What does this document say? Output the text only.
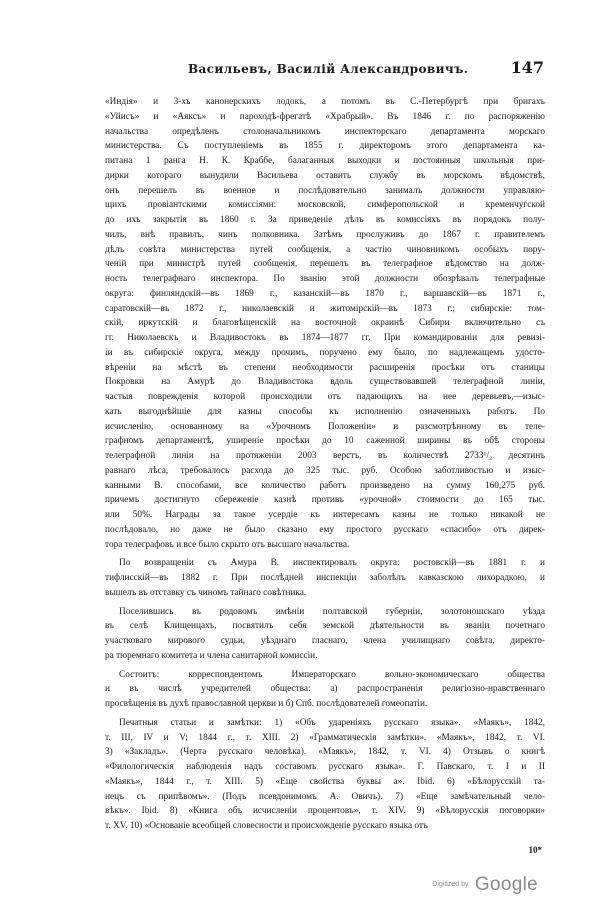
Васильевъ, Василій Александровичъ.	147
«Индія» и 3-хъ канонерскихъ лодокъ, а потомъ въ С.-Петербургѣ при бригахъ
«Уйисъ» и «Аяксъ» и пароходѣ-фрегатѣ «Храбрый». Въ 1846 г. по распоряженію
начальства опредѣленъ столоначальникомъ инспекторскаго департамента морскаго
министерства. Съ поступленіемъ въ 1855 г. директоромъ этого департамента ка-
питана 1 ранга Н. К. Краббе, балаганныя выходки и постоянныя школьныя при-
дирки котораго вынудили Васильева оставить службу въ морскомъ вѣдомствѣ,
онъ перешелъ въ военное и послѣдовательно занималъ должности управляю-
щихъ провіантскими комиссіями: московской, симферопольской и кременчугской
до ихъ закрытія въ 1860 г. За приведеніе дѣлъ въ комиссіяхъ въ порядокъ полу-
чилъ, внѣ правилъ, чинъ полковника. Затѣмъ прослуживъ до 1867 г. правителемъ
дѣлъ совѣта министерства путей сообщенія, а частію чиновникомъ особыхъ пору-
ченій при министрѣ путей сообщенія, перешелъ въ телеграфное вѣдомство на долж-
ность телеграфнаго инспектора. По званію этой должности обозрѣвалъ телеграфные
округа: финляндскій—въ 1869 г., казанскій—въ 1870 г., варшавскій—въ 1871 г.,
саратовскій—въ 1872 г., николаевскій и житомірскій—въ 1873 г.; сибирскіе: том-
скій, иркутскій и благовѣщенскій на восточной окраинѣ Сибири включительно съ
гг. Николаевскъ и Владивостокъ въ 1874—1877 гг. При командированіи для ревизі-
іи въ сибирскіе округа, между прочимъ, поручено ему было, по надлежащемъ удосто-
вѣреніи на мѣстѣ въ степени необходимости расширенія просѣки отъ станицы
Покровки на Амурѣ до Владивостока вдоль существовавшей телеграфной линіи,
частыя поврежденія которой происходили отъ падающихъ на нее деревьевъ,—изыс-
кать выгоднѣйшіе для казны способы къ исполненію означенныхъ работъ. По
исчисленію, основанному на «Урочномъ Положеніи» и разсмотрѣнному въ теле-
графномъ департаментѣ, уширеніе просѣки до 10 саженной ширины въ обѣ стороны
телеграфной линіи на протяженіи 2003 верстъ, въ количествѣ 2733¹/₂ десятинъ
равнаго лѣса, требовалось расхода до 325 тыс. руб. Особою заботливостью и изыс-
канными В. способами, все количество работъ произведено на сумму 160,275 руб.
причемъ достигнуто сбереженіе казнѣ противъ «урочной» стоимости до 165 тыс.
или 50%. Награды за такое усердіе къ интересамъ казны не только никакой не
послѣдовало, но даже не было сказано ему простого русскаго «спасибо» отъ дирек-
тора телеграфовъ и все было скрыто отъ высшаго начальства.
По возвращеніи съ Амура В. инспектировалъ округа: ростовскій—въ 1881 г. и
тифлисскій—въ 1882 г. При послѣдней инспекціи заболѣлъ кавказскою лихорадкою, и
вышелъ въ отставку съ чиномъ тайнаго совѣтника.
Поселившись въ родовомъ имѣніи полтавской губерніи, золотоношскаго уѣзда
въ селѣ Клищенцахъ, посвятилъ себя земской дѣятельности въ званіи почетнаго
участковаго мирового судьи, уѣзднаго гласнаго, члена училищнаго совѣта, директо-
ра тюремнаго комитета и члена санитарной комиссіи.
Состоитъ: корреспондентомъ Императорскаго вольно-экономическаго общества
и въ числѣ учредителей общества: а) распространенія религіозно-нравственнаго
просвѣщенія въ духѣ православной церкви и б) Спб. послѣдователей гомеопатіи.
Печатныя статьи и замѣтки: 1) «Объ удареніяхъ русскаго языка». «Маякъ», 1842,
т. III, IV и V; 1844 г., т. XIII. 2) «Грамматическія замѣтки». «Маякъ», 1842, т. VI.
3) «Закладъ». (Черта русскаго человѣка). «Маякъ», 1842, т. VI. 4) Отзывъ о книгѣ
«Филологическія наблюденія надъ составомъ русскаго языка». Г. Павскаго, т. I и II
«Маякъ», 1844 г., т. XIII. 5) «Еще свойства буквы а». Ibid. 6) «Бѣлорусскій та-
нецъ съ припѣвомъ». (Подъ псевдонимомъ А. Овичъ). 7) «Еще замѣчательный чело-
вѣкъ». Ibid. 8) «Книга объ исчисленіи процентовъ», т. XIV. 9) «Бѣлорусскія поговорки»
т. XV. 10) «Основаніе всеобщей словесности и происхожденіе русскаго языка отъ
10*
$^{Digitized by}$ Google
